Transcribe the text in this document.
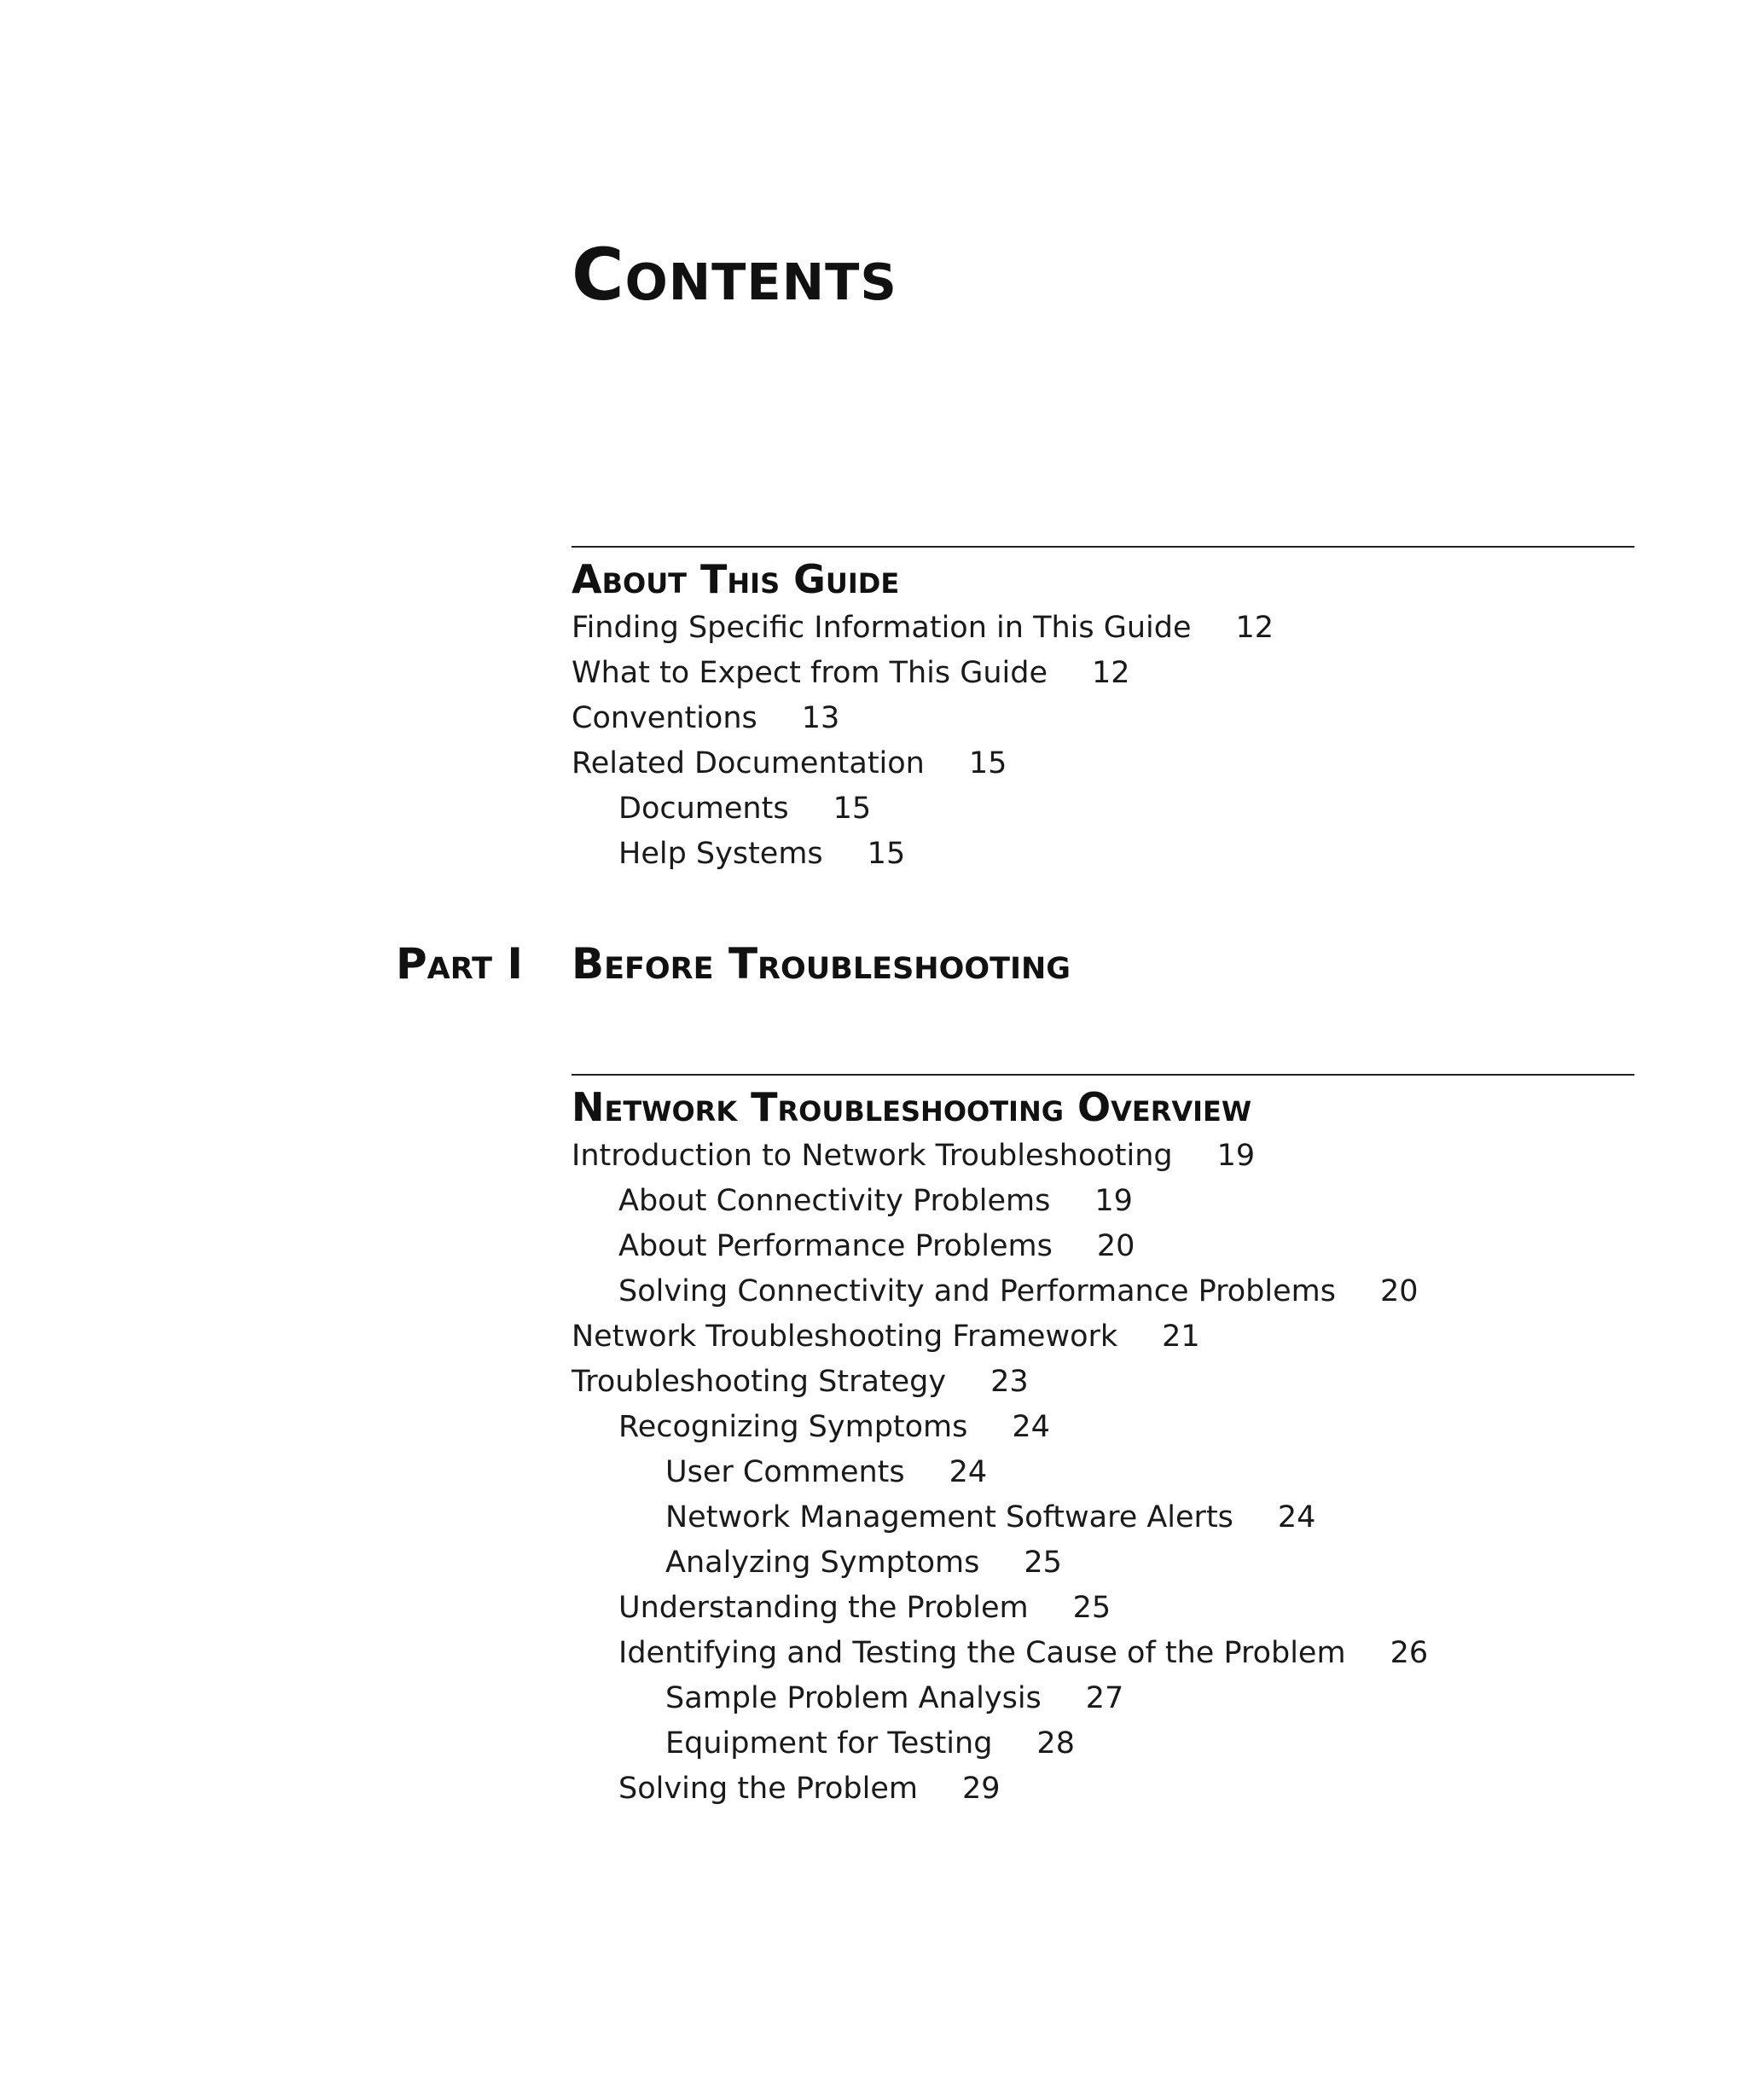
Contents
About This Guide
Finding Specific Information in This Guide 12
What to Expect from This Guide 12
Conventions 13
Related Documentation 15
Documents 15
Help Systems 15
Part I Before Troubleshooting
Network Troubleshooting Overview
Introduction to Network Troubleshooting 19
About Connectivity Problems 19
About Performance Problems 20
Solving Connectivity and Performance Problems 20
Network Troubleshooting Framework 21
Troubleshooting Strategy 23
Recognizing Symptoms 24
User Comments 24
Network Management Software Alerts 24
Analyzing Symptoms 25
Understanding the Problem 25
Identifying and Testing the Cause of the Problem 26
Sample Problem Analysis 27
Equipment for Testing 28
Solving the Problem 29
